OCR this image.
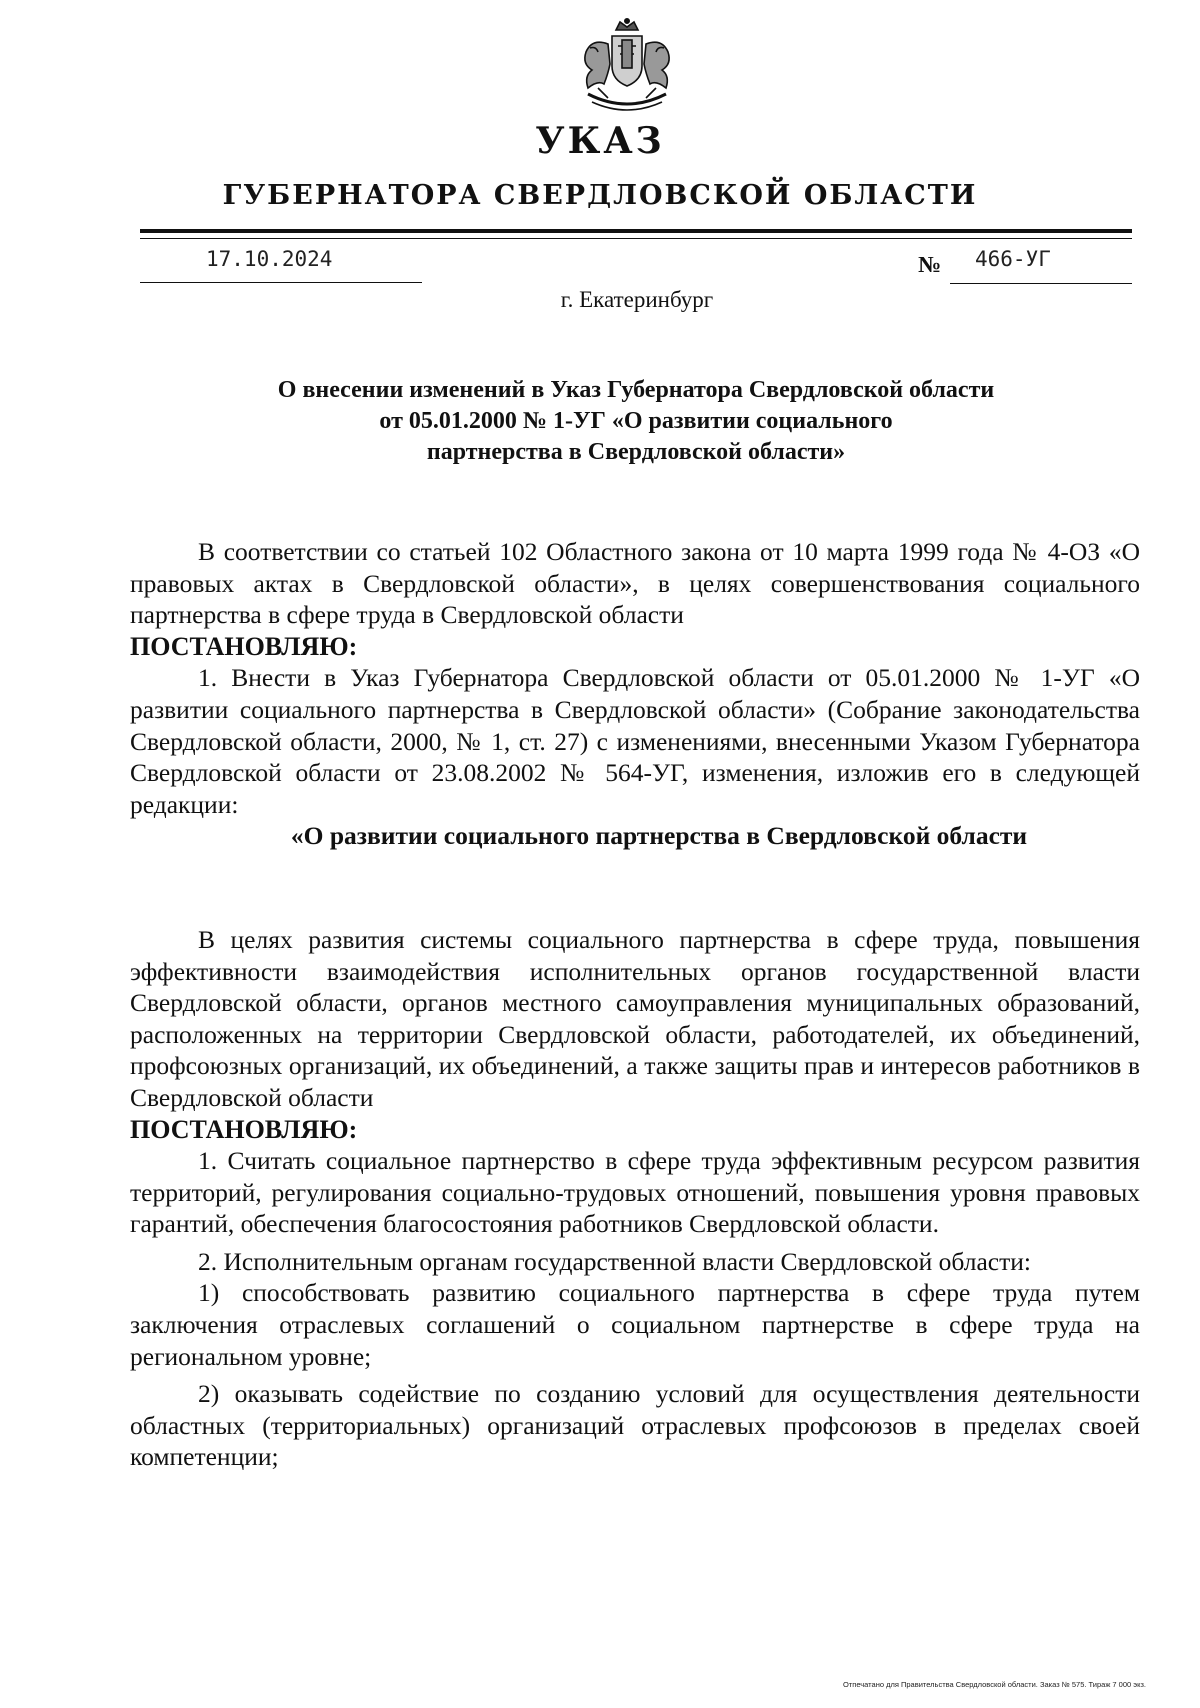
УКАЗ
ГУБЕРНАТОРА СВЕРДЛОВСКОЙ ОБЛАСТИ
17.10.2024	№ 466-УГ
г. Екатеринбург
О внесении изменений в Указ Губернатора Свердловской области
от 05.01.2000 № 1-УГ «О развитии социального
партнерства в Свердловской области»

В соответствии со статьей 102 Областного закона от 10 марта 1999 года № 4-ОЗ «О правовых актах в Свердловской области», в целях совершенствования социального партнерства в сфере труда в Свердловской области

ПОСТАНОВЛЯЮ:

1. Внести в Указ Губернатора Свердловской области от 05.01.2000 № 1-УГ «О развитии социального партнерства в Свердловской области» (Собрание законодательства Свердловской области, 2000, № 1, ст. 27) с изменениями, внесенными Указом Губернатора Свердловской области от 23.08.2002 № 564-УГ, изменения, изложив его в следующей редакции:

«О развитии социального партнерства в Свердловской области

В целях развития системы социального партнерства в сфере труда, повышения эффективности взаимодействия исполнительных органов государственной власти Свердловской области, органов местного самоуправления муниципальных образований, расположенных на территории Свердловской области, работодателей, их объединений, профсоюзных организаций, их объединений, а также защиты прав и интересов работников в Свердловской области

ПОСТАНОВЛЯЮ:

1. Считать социальное партнерство в сфере труда эффективным ресурсом развития территорий, регулирования социально-трудовых отношений, повышения уровня правовых гарантий, обеспечения благосостояния работников Свердловской области.

2. Исполнительным органам государственной власти Свердловской области:

1) способствовать развитию социального партнерства в сфере труда путем заключения отраслевых соглашений о социальном партнерстве в сфере труда на региональном уровне;

2) оказывать содействие по созданию условий для осуществления деятельности областных (территориальных) организаций отраслевых профсоюзов в пределах своей компетенции;

Отпечатано для Правительства Свердловской области. Заказ № 575. Тираж 7 000 экз.
